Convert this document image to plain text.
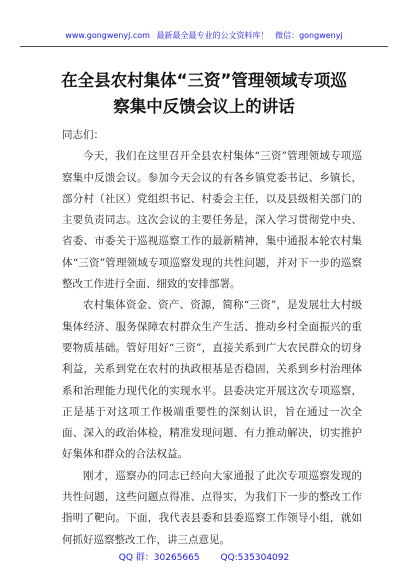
www.gongwenyj.com 最新最全最专业的公文资料库！ 微信：gongwenyj
在全县农村集体“三资”管理领域专项巡
察集中反馈会议上的讲话

同志们：

今天，我们在这里召开全县农村集体“三资”管理领域专项巡察集中反馈会议。参加今天会议的有各乡镇党委书记、乡镇长，部分村（社区）党组织书记、村委会主任，以及县级相关部门的主要负责同志。这次会议的主要任务是，深入学习贯彻党中央、省委、市委关于巡视巡察工作的最新精神，集中通报本轮农村集体“三资”管理领域专项巡察发现的共性问题，并对下一步的巡察整改工作进行全面、细致的安排部署。

农村集体资金、资产、资源，简称“三资”，是发展壮大村级集体经济、服务保障农村群众生产生活、推动乡村全面振兴的重要物质基础。管好用好“三资”，直接关系到广大农民群众的切身利益，关系到党在农村的执政根基是否稳固，关系到乡村治理体系和治理能力现代化的实现水平。县委决定开展这次专项巡察，正是基于对这项工作极端重要性的深刻认识，旨在通过一次全面、深入的政治体检，精准发现问题、有力推动解决，切实推护好集体和群众的合法权益。

刚才，巡察办的同志已经向大家通报了此次专项巡察发现的共性问题，这些问题点得准、点得实，为我们下一步的整改工作指明了靶向。下面，我代表县委和县委巡察工作领导小组，就如何抓好巡察整改工作，讲三点意见。

QQ 群：30265665 QQ:535304092
